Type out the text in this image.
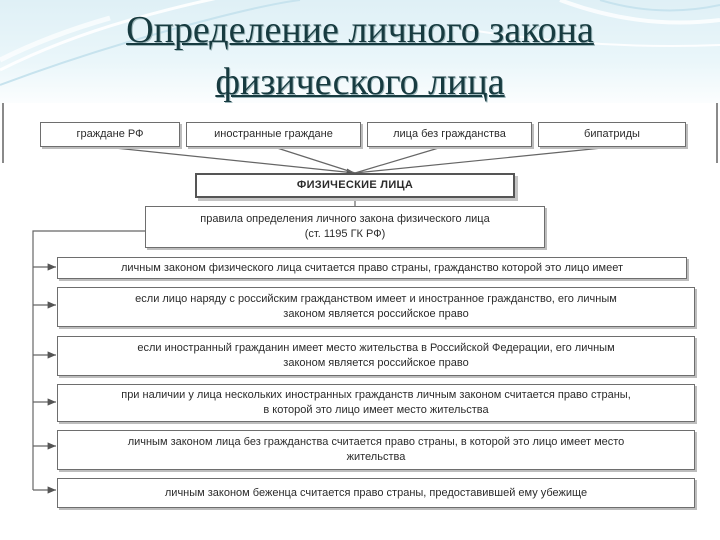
Определение личного закона
физического лица
граждане РФ	иностранные граждане	лица без гражданства	бипатриды
ФИЗИЧЕСКИЕ ЛИЦА
правила определения личного закона физического лица
(ст. 1195 ГК РФ)
личным законом физического лица считается право страны, гражданство которой это лицо имеет
если лицо наряду с российским гражданством имеет и иностранное гражданство, его личным
законом является российское право
если иностранный гражданин имеет место жительства в Российской Федерации, его личным
законом является российское право
при наличии у лица нескольких иностранных гражданств личным законом считается право страны,
в которой это лицо имеет место жительства
личным законом лица без гражданства считается право страны, в которой это лицо имеет место
жительства
личным законом беженца считается право страны, предоставившей ему убежище
